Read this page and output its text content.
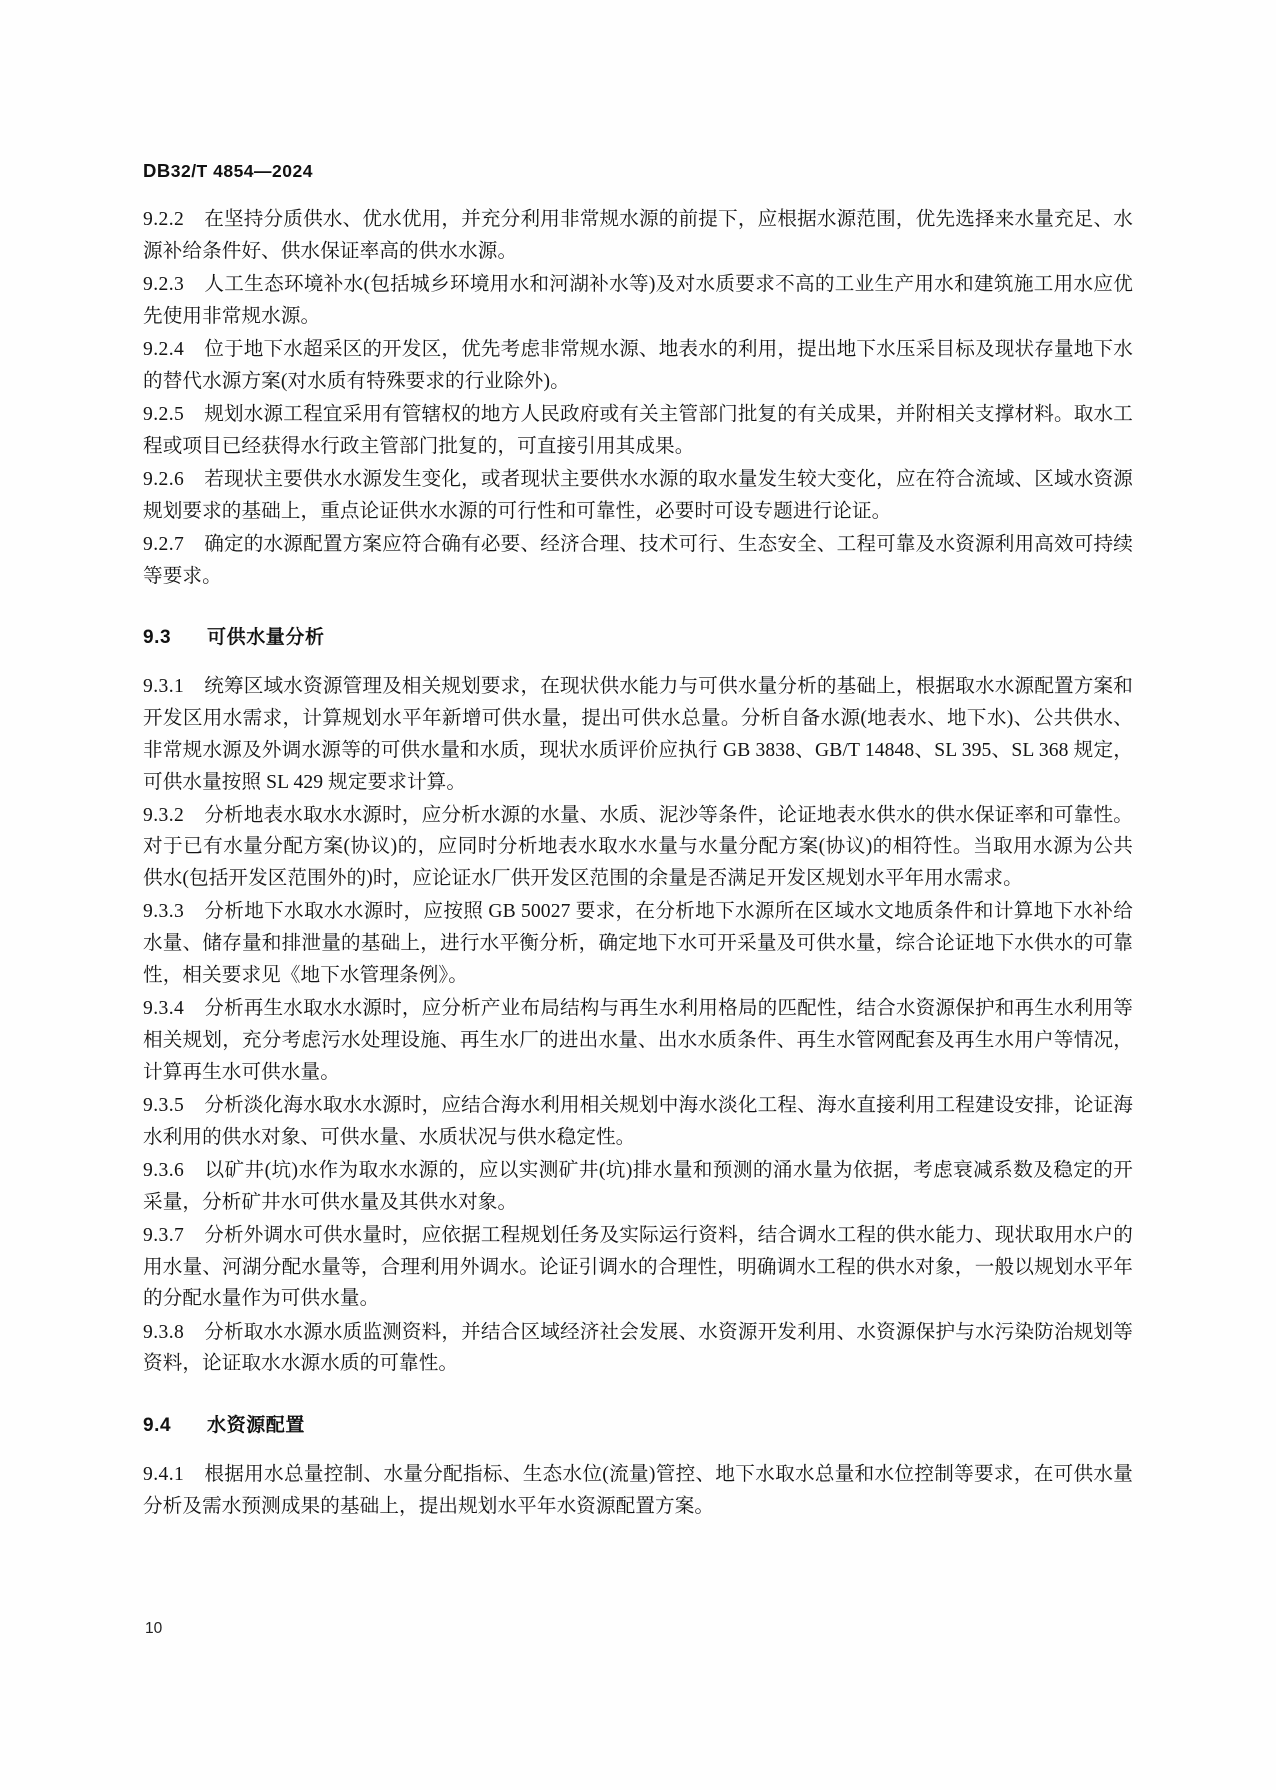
DB32/T 4854—2024

9.2.2 在坚持分质供水、优水优用，并充分利用非常规水源的前提下，应根据水源范围，优先选择来水量充足、水源补给条件好、供水保证率高的供水水源。

9.2.3 人工生态环境补水(包括城乡环境用水和河湖补水等)及对水质要求不高的工业生产用水和建筑施工用水应优先使用非常规水源。

9.2.4 位于地下水超采区的开发区，优先考虑非常规水源、地表水的利用，提出地下水压采目标及现状存量地下水的替代水源方案(对水质有特殊要求的行业除外)。

9.2.5 规划水源工程宜采用有管辖权的地方人民政府或有关主管部门批复的有关成果，并附相关支撑材料。取水工程或项目已经获得水行政主管部门批复的，可直接引用其成果。

9.2.6 若现状主要供水水源发生变化，或者现状主要供水水源的取水量发生较大变化，应在符合流域、区域水资源规划要求的基础上，重点论证供水水源的可行性和可靠性，必要时可设专题进行论证。

9.2.7 确定的水源配置方案应符合确有必要、经济合理、技术可行、生态安全、工程可靠及水资源利用高效可持续等要求。

9.3 可供水量分析

9.3.1 统筹区域水资源管理及相关规划要求，在现状供水能力与可供水量分析的基础上，根据取水水源配置方案和开发区用水需求，计算规划水平年新增可供水量，提出可供水总量。分析自备水源(地表水、地下水)、公共供水、非常规水源及外调水源等的可供水量和水质，现状水质评价应执行 GB 3838、GB/T 14848、SL 395、SL 368 规定，可供水量按照 SL 429 规定要求计算。

9.3.2 分析地表水取水水源时，应分析水源的水量、水质、泥沙等条件，论证地表水供水的供水保证率和可靠性。对于已有水量分配方案(协议)的，应同时分析地表水取水水量与水量分配方案(协议)的相符性。当取用水源为公共供水(包括开发区范围外的)时，应论证水厂供开发区范围的余量是否满足开发区规划水平年用水需求。

9.3.3 分析地下水取水水源时，应按照 GB 50027 要求，在分析地下水源所在区域水文地质条件和计算地下水补给水量、储存量和排泄量的基础上，进行水平衡分析，确定地下水可开采量及可供水量，综合论证地下水供水的可靠性，相关要求见《地下水管理条例》。

9.3.4 分析再生水取水水源时，应分析产业布局结构与再生水利用格局的匹配性，结合水资源保护和再生水利用等相关规划，充分考虑污水处理设施、再生水厂的进出水量、出水水质条件、再生水管网配套及再生水用户等情况，计算再生水可供水量。

9.3.5 分析淡化海水取水水源时，应结合海水利用相关规划中海水淡化工程、海水直接利用工程建设安排，论证海水利用的供水对象、可供水量、水质状况与供水稳定性。

9.3.6 以矿井(坑)水作为取水水源的，应以实测矿井(坑)排水量和预测的涌水量为依据，考虑衰减系数及稳定的开采量，分析矿井水可供水量及其供水对象。

9.3.7 分析外调水可供水量时，应依据工程规划任务及实际运行资料，结合调水工程的供水能力、现状取用水户的用水量、河湖分配水量等，合理利用外调水。论证引调水的合理性，明确调水工程的供水对象，一般以规划水平年的分配水量作为可供水量。

9.3.8 分析取水水源水质监测资料，并结合区域经济社会发展、水资源开发利用、水资源保护与水污染防治规划等资料，论证取水水源水质的可靠性。

9.4 水资源配置

9.4.1 根据用水总量控制、水量分配指标、生态水位(流量)管控、地下水取水总量和水位控制等要求，在可供水量分析及需水预测成果的基础上，提出规划水平年水资源配置方案。

10
